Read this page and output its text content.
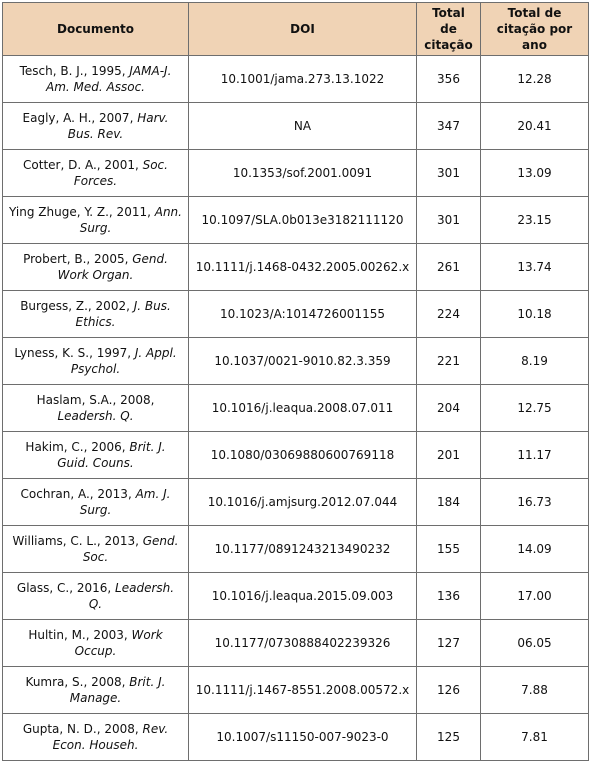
Documento	DOI	Total de citação	Total de citação por ano
Tesch, B. J., 1995, JAMA-J. Am. Med. Assoc.	10.1001/jama.273.13.1022	356	12.28
Eagly, A. H., 2007, Harv. Bus. Rev.	NA	347	20.41
Cotter, D. A., 2001, Soc. Forces.	10.1353/sof.2001.0091	301	13.09
Ying Zhuge, Y. Z., 2011, Ann. Surg.	10.1097/SLA.0b013e3182111120	301	23.15
Probert, B., 2005, Gend. Work Organ.	10.1111/j.1468-0432.2005.00262.x	261	13.74
Burgess, Z., 2002, J. Bus. Ethics.	10.1023/A:1014726001155	224	10.18
Lyness, K. S., 1997, J. Appl. Psychol.	10.1037/0021-9010.82.3.359	221	8.19
Haslam, S.A., 2008, Leadersh. Q.	10.1016/j.leaqua.2008.07.011	204	12.75
Hakim, C., 2006, Brit. J. Guid. Couns.	10.1080/03069880600769118	201	11.17
Cochran, A., 2013, Am. J. Surg.	10.1016/j.amjsurg.2012.07.044	184	16.73
Williams, C. L., 2013, Gend. Soc.	10.1177/0891243213490232	155	14.09
Glass, C., 2016, Leadersh. Q.	10.1016/j.leaqua.2015.09.003	136	17.00
Hultin, M., 2003, Work Occup.	10.1177/0730888402239326	127	06.05
Kumra, S., 2008, Brit. J. Manage.	10.1111/j.1467-8551.2008.00572.x	126	7.88
Gupta, N. D., 2008, Rev. Econ. Househ.	10.1007/s11150-007-9023-0	125	7.81
